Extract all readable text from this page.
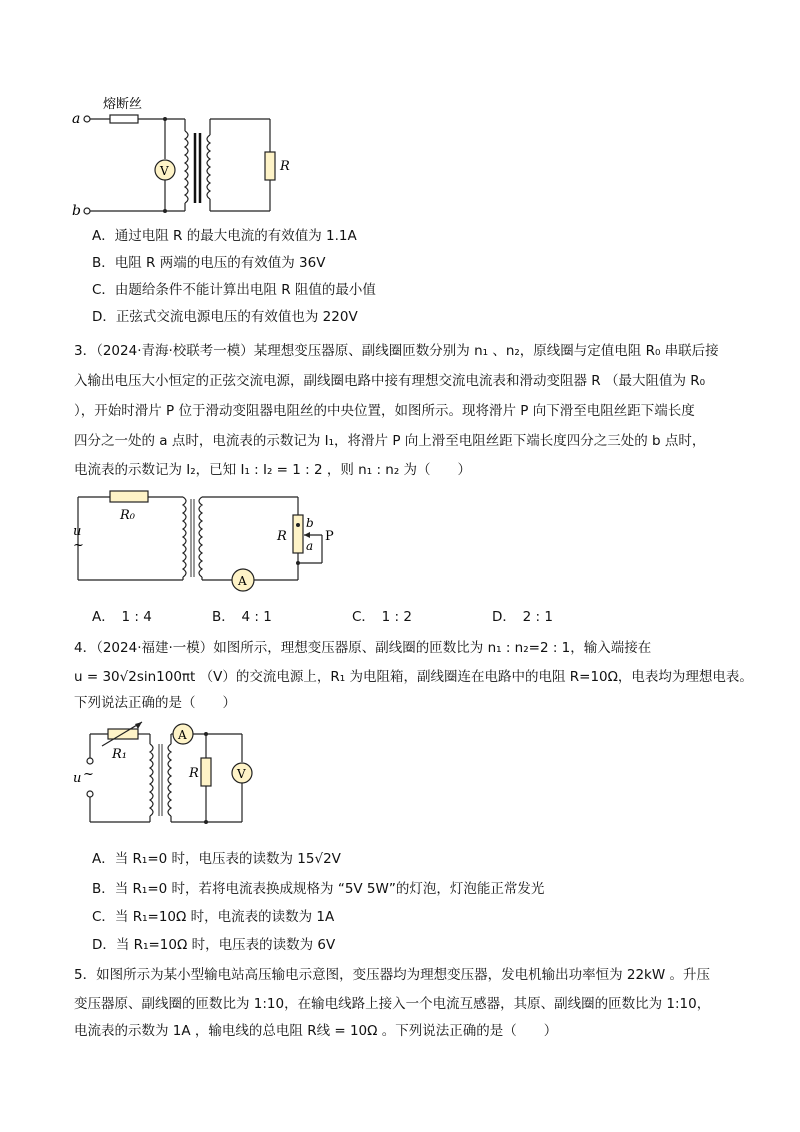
熔断丝
a
V
b
R
A．通过电阻 R 的最大电流的有效值为 1.1A
B．电阻 R 两端的电压的有效值为 36V
C．由题给条件不能计算出电阻 R 阻值的最小值
D．正弦式交流电源电压的有效值也为 220V
3．（2024·青海·校联考一模）某理想变压器原、副线圈匝数分别为 n₁ 、n₂，原线圈与定值电阻 R₀ 串联后接
入输出电压大小恒定的正弦交流电源，副线圈电路中接有理想交流电流表和滑动变阻器 R （最大阻值为 R₀
），开始时滑片 P 位于滑动变阻器电阻丝的中央位置，如图所示。现将滑片 P 向下滑至电阻丝距下端长度
四分之一处的 a 点时，电流表的示数记为 I₁，将滑片 P 向上滑至电阻丝距下端长度四分之三处的 b 点时，
电流表的示数记为 I₂，已知 I₁ : I₂ = 1 : 2 ，则 n₁ : n₂ 为（　　）
R₀
u
~
R
b
a
P
A
A．　1 : 4	B．　4 : 1	C．　1 : 2	D．　2 : 1
4．（2024·福建·一模）如图所示，理想变压器原、副线圈的匝数比为 n₁ : n₂=2 : 1，输入端接在
u = 30√2sin100πt （V）的交流电源上，R₁ 为电阻箱，副线圈连在电路中的电阻 R=10Ω，电表均为理想电表。
下列说法正确的是（　　）
R₁
u ~
A
R	V
A．当 R₁=0 时，电压表的读数为 15√2V
B．当 R₁=0 时，若将电流表换成规格为 “5V 5W”的灯泡，灯泡能正常发光
C．当 R₁=10Ω 时，电流表的读数为 1A
D．当 R₁=10Ω 时，电压表的读数为 6V
5．如图所示为某小型输电站高压输电示意图，变压器均为理想变压器，发电机输出功率恒为 22kW 。升压
变压器原、副线圈的匝数比为 1:10，在输电线路上接入一个电流互感器，其原、副线圈的匝数比为 1:10，
电流表的示数为 1A ，输电线的总电阻 R线 = 10Ω 。下列说法正确的是（　　）
